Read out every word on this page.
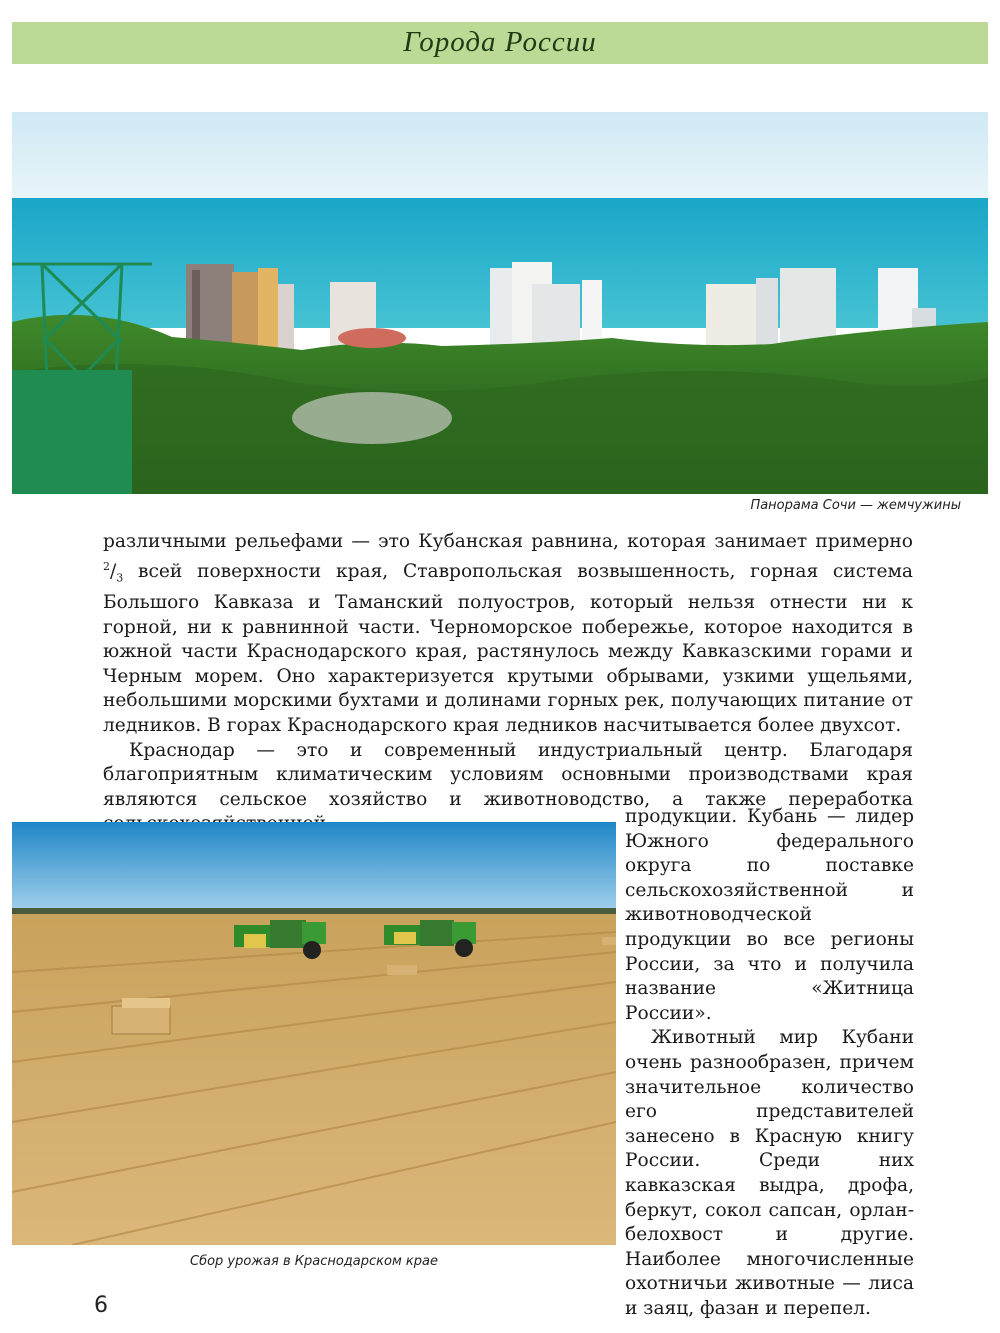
Города России
Панорама Сочи — жемчужины

различными рельефами — это Кубанская равнина, которая занимает примерно $^2/_3$ всей поверхности края, Ставропольская возвышенность, горная система Большого Кавказа и Таманский полуостров, который нельзя отнести ни к горной, ни к равнинной части. Черноморское побережье, которое находится в южной части Краснодарского края, растянулось между Кавказскими горами и Черным морем. Оно характеризуется крутыми обрывами, узкими ущельями, небольшими морскими бухтами и долинами горных рек, получающих питание от ледников. В горах Краснодарского края ледников насчитывается более двухсот.

Краснодар — это и современный индустриальный центр. Благодаря благоприятным климатическим условиям основными производствами края являются сельское хозяйство и животноводство, а также переработка

Сбор урожая в Краснодарском крае

продукции. Кубань — лидер Южного федерального округа по поставке сельскохозяйственной и животноводческой продукции во все регионы России, за что и получила название «Житница России».

Животный мир Кубани очень разнообразен, причем значительное количество его представителей занесено в Красную книгу России. Среди них кавказская выдра, дрофа, беркут, сокол сапсан, орлан-белохвост и другие. Наиболее многочисленные охотничьи животные — лиса и заяц, фазан и перепел.

6
